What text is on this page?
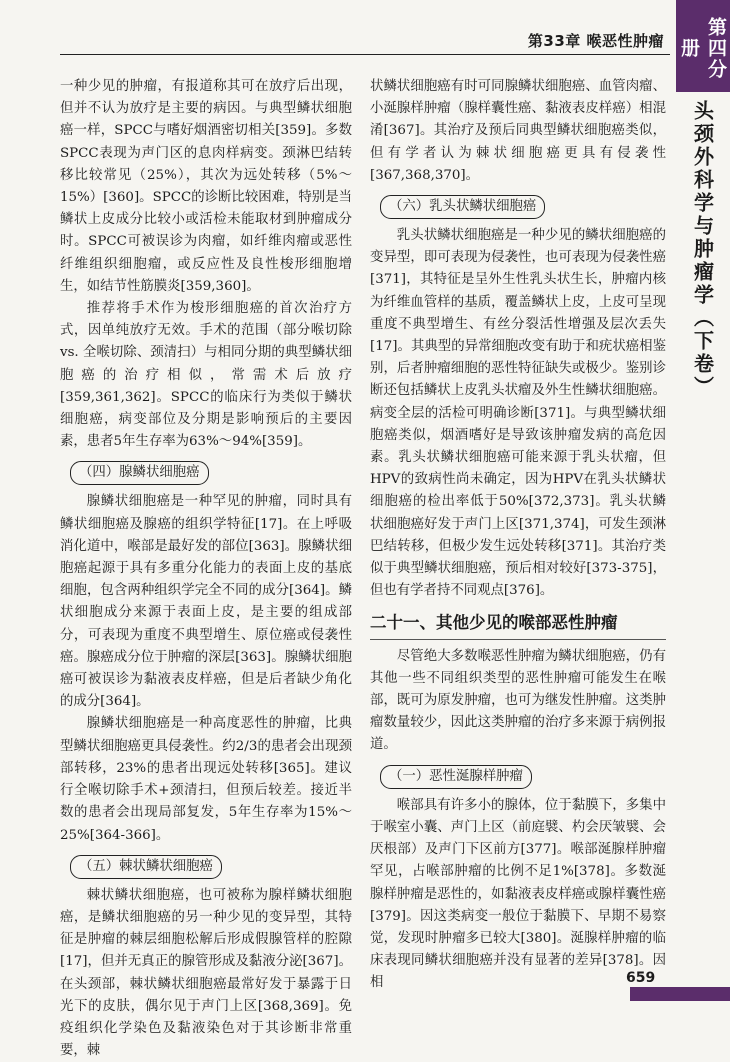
第33章 喉恶性肿瘤	第四分册
头颈外科学与肿瘤学（下卷）

一种少见的肿瘤，有报道称其可在放疗后出现，但并不认为放疗是主要的病因。与典型鳞状细胞癌一样，SPCC与嗜好烟酒密切相关[359]。多数SPCC表现为声门区的息肉样病变。颈淋巴结转移比较常见（25%），其次为远处转移（5%～15%）[360]。SPCC的诊断比较困难，特别是当鳞状上皮成分比较小或活检未能取材到肿瘤成分时。SPCC可被误诊为肉瘤，如纤维肉瘤或恶性纤维组织细胞瘤，或反应性及良性梭形细胞增生，如结节性筋膜炎[359,360]。

推荐将手术作为梭形细胞癌的首次治疗方式，因单纯放疗无效。手术的范围（部分喉切除 vs. 全喉切除、颈清扫）与相同分期的典型鳞状细胞癌的治疗相似，常需术后放疗[359,361,362]。SPCC的临床行为类似于鳞状细胞癌，病变部位及分期是影响预后的主要因素，患者5年生存率为63%～94%[359]。

（四）腺鳞状细胞癌

腺鳞状细胞癌是一种罕见的肿瘤，同时具有鳞状细胞癌及腺癌的组织学特征[17]。在上呼吸消化道中，喉部是最好发的部位[363]。腺鳞状细胞癌起源于具有多重分化能力的表面上皮的基底细胞，包含两种组织学完全不同的成分[364]。鳞状细胞成分来源于表面上皮，是主要的组成部分，可表现为重度不典型增生、原位癌或侵袭性癌。腺癌成分位于肿瘤的深层[363]。腺鳞状细胞癌可被误诊为黏液表皮样癌，但是后者缺少角化的成分[364]。

腺鳞状细胞癌是一种高度恶性的肿瘤，比典型鳞状细胞癌更具侵袭性。约2/3的患者会出现颈部转移，23%的患者出现远处转移[365]。建议行全喉切除手术+颈清扫，但预后较差。接近半数的患者会出现局部复发，5年生存率为15%～25%[364-366]。

（五）棘状鳞状细胞癌

棘状鳞状细胞癌，也可被称为腺样鳞状细胞癌，是鳞状细胞癌的另一种少见的变异型，其特征是肿瘤的棘层细胞松解后形成假腺管样的腔隙[17]，但并无真正的腺管形成及黏液分泌[367]。在头颈部，棘状鳞状细胞癌最常好发于暴露于日光下的皮肤，偶尔见于声门上区[368,369]。免疫组织化学染色及黏液染色对于其诊断非常重要，棘

状鳞状细胞癌有时可同腺鳞状细胞癌、血管肉瘤、小涎腺样肿瘤（腺样囊性癌、黏液表皮样癌）相混淆[367]。其治疗及预后同典型鳞状细胞癌类似，但有学者认为棘状细胞癌更具有侵袭性[367,368,370]。

（六）乳头状鳞状细胞癌

乳头状鳞状细胞癌是一种少见的鳞状细胞癌的变异型，即可表现为侵袭性，也可表现为侵袭性癌[371]，其特征是呈外生性乳头状生长，肿瘤内核为纤维血管样的基质，覆盖鳞状上皮，上皮可呈现重度不典型增生、有丝分裂活性增强及层次丢失[17]。其典型的异常细胞改变有助于和疣状癌相鉴别，后者肿瘤细胞的恶性特征缺失或极少。鉴别诊断还包括鳞状上皮乳头状瘤及外生性鳞状细胞癌。病变全层的活检可明确诊断[371]。与典型鳞状细胞癌类似，烟酒嗜好是导致该肿瘤发病的高危因素。乳头状鳞状细胞癌可能来源于乳头状瘤，但HPV的致病性尚未确定，因为HPV在乳头状鳞状细胞癌的检出率低于50%[372,373]。乳头状鳞状细胞癌好发于声门上区[371,374]，可发生颈淋巴结转移，但极少发生远处转移[371]。其治疗类似于典型鳞状细胞癌，预后相对较好[373-375]，但也有学者持不同观点[376]。

二十一、其他少见的喉部恶性肿瘤

尽管绝大多数喉恶性肿瘤为鳞状细胞癌，仍有其他一些不同组织类型的恶性肿瘤可能发生在喉部，既可为原发肿瘤，也可为继发性肿瘤。这类肿瘤数量较少，因此这类肿瘤的治疗多来源于病例报道。

（一）恶性涎腺样肿瘤

喉部具有许多小的腺体，位于黏膜下，多集中于喉室小囊、声门上区（前庭襞、杓会厌皱襞、会厌根部）及声门下区前方[377]。喉部涎腺样肿瘤罕见，占喉部肿瘤的比例不足1%[378]。多数涎腺样肿瘤是恶性的，如黏液表皮样癌或腺样囊性癌[379]。因这类病变一般位于黏膜下、早期不易察觉，发现时肿瘤多已较大[380]。涎腺样肿瘤的临床表现同鳞状细胞癌并没有显著的差异[378]。因相	659
